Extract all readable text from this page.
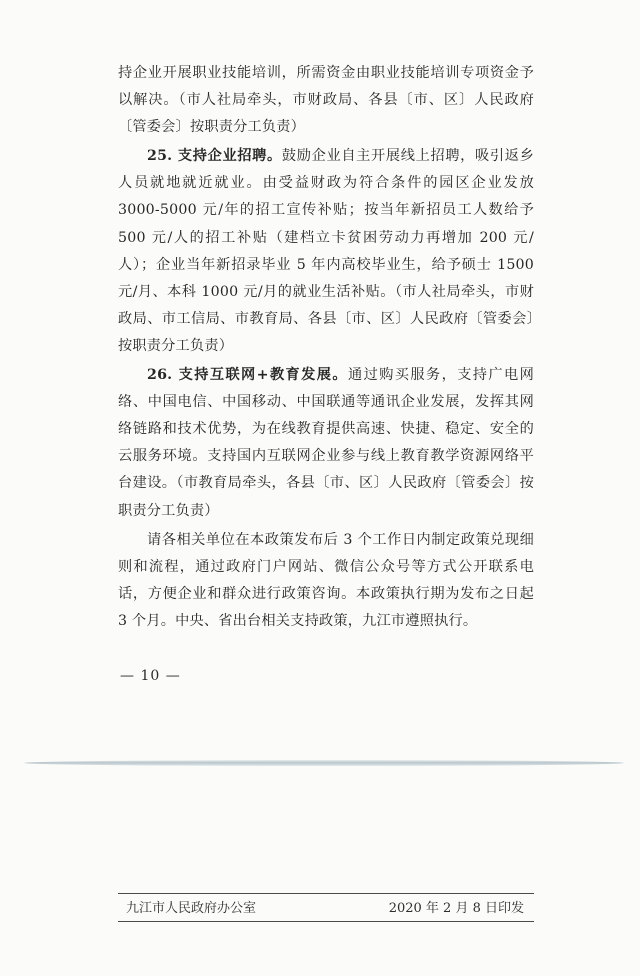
持企业开展职业技能培训，所需资金由职业技能培训专项资金予以解决。（市人社局牵头，市财政局、各县〔市、区〕人民政府〔管委会〕按职责分工负责）

25. 支持企业招聘。鼓励企业自主开展线上招聘，吸引返乡人员就地就近就业。由受益财政为符合条件的园区企业发放 3000-5000 元/年的招工宣传补贴；按当年新招员工人数给予 500 元/人的招工补贴（建档立卡贫困劳动力再增加 200 元/人）；企业当年新招录毕业 5 年内高校毕业生，给予硕士 1500 元/月、本科 1000 元/月的就业生活补贴。（市人社局牵头，市财政局、市工信局、市教育局、各县〔市、区〕人民政府〔管委会〕按职责分工负责）

26. 支持互联网+教育发展。通过购买服务，支持广电网络、中国电信、中国移动、中国联通等通讯企业发展，发挥其网络链路和技术优势，为在线教育提供高速、快捷、稳定、安全的云服务环境。支持国内互联网企业参与线上教育教学资源网络平台建设。（市教育局牵头，各县〔市、区〕人民政府〔管委会〕按职责分工负责）

请各相关单位在本政策发布后 3 个工作日内制定政策兑现细则和流程，通过政府门户网站、微信公众号等方式公开联系电话，方便企业和群众进行政策咨询。本政策执行期为发布之日起 3 个月。中央、省出台相关支持政策，九江市遵照执行。

— 10 —
九江市人民政府办公室	2020 年 2 月 8 日印发
